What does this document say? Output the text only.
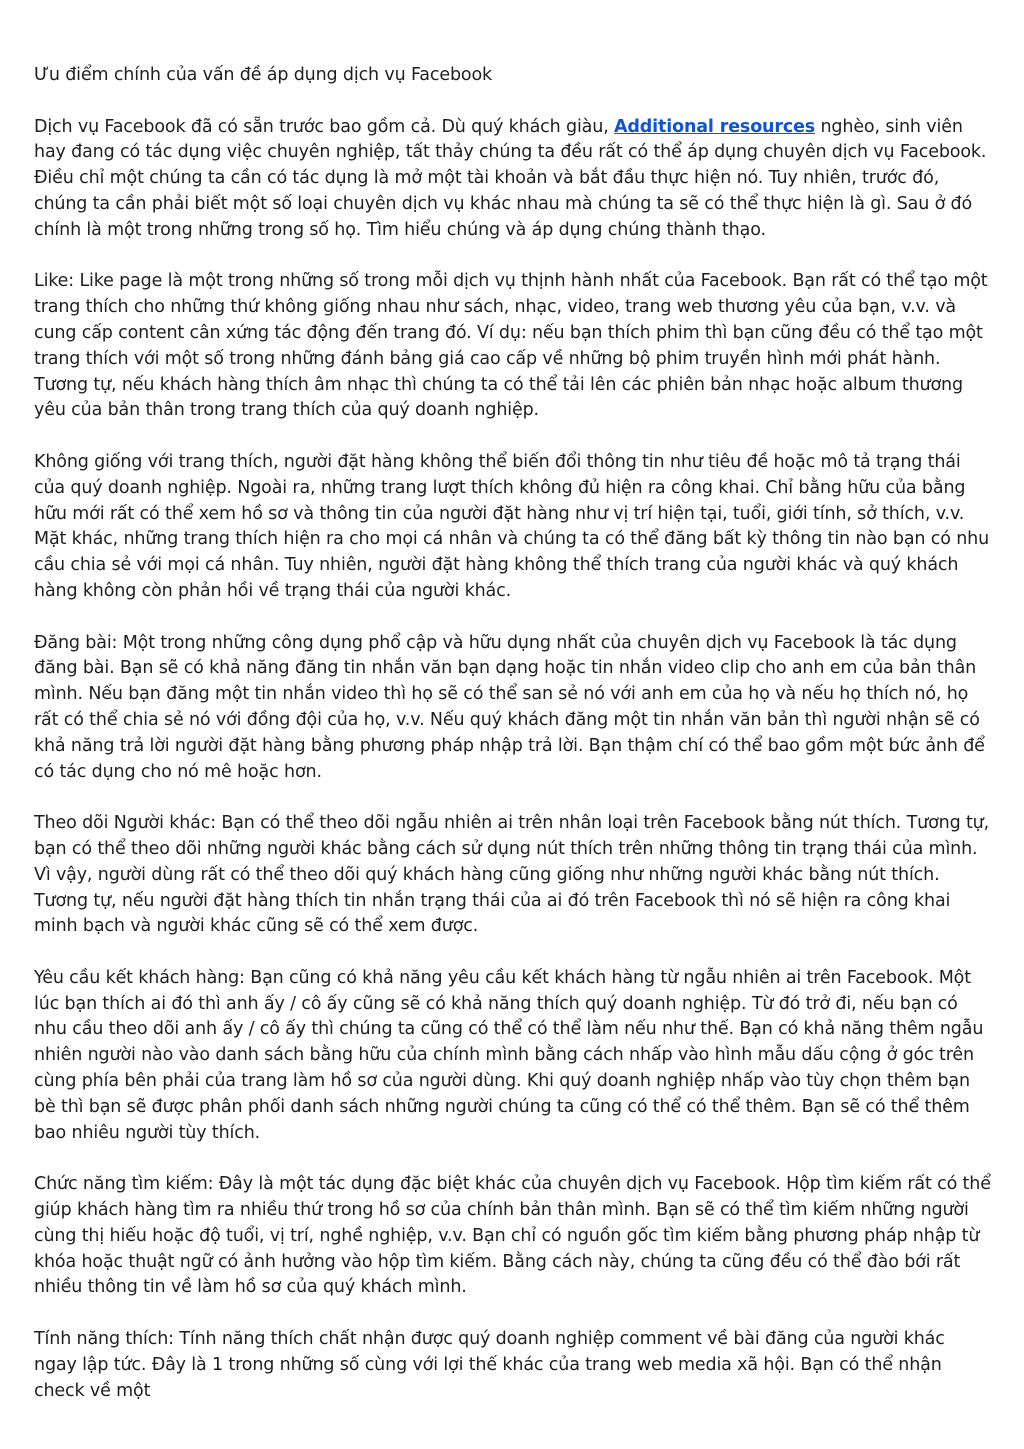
Ưu điểm chính của vấn đề áp dụng dịch vụ Facebook

Dịch vụ Facebook đã có sẵn trước bao gồm cả. Dù quý khách giàu, Additional resources nghèo, sinh viên hay đang có tác dụng việc chuyên nghiệp, tất thảy chúng ta đều rất có thể áp dụng chuyên dịch vụ Facebook. Điều chỉ một chúng ta cần có tác dụng là mở một tài khoản và bắt đầu thực hiện nó. Tuy nhiên, trước đó, chúng ta cần phải biết một số loại chuyên dịch vụ khác nhau mà chúng ta sẽ có thể thực hiện là gì. Sau ở đó chính là một trong những trong số họ. Tìm hiểu chúng và áp dụng chúng thành thạo.

Like: Like page là một trong những số trong mỗi dịch vụ thịnh hành nhất của Facebook. Bạn rất có thể tạo một trang thích cho những thứ không giống nhau như sách, nhạc, video, trang web thương yêu của bạn, v.v. và cung cấp content cân xứng tác động đến trang đó. Ví dụ: nếu bạn thích phim thì bạn cũng đều có thể tạo một trang thích với một số trong những đánh bảng giá cao cấp về những bộ phim truyền hình mới phát hành. Tương tự, nếu khách hàng thích âm nhạc thì chúng ta có thể tải lên các phiên bản nhạc hoặc album thương yêu của bản thân trong trang thích của quý doanh nghiệp.

Không giống với trang thích, người đặt hàng không thể biến đổi thông tin như tiêu đề hoặc mô tả trạng thái của quý doanh nghiệp. Ngoài ra, những trang lượt thích không đủ hiện ra công khai. Chỉ bằng hữu của bằng hữu mới rất có thể xem hồ sơ và thông tin của người đặt hàng như vị trí hiện tại, tuổi, giới tính, sở thích, v.v. Mặt khác, những trang thích hiện ra cho mọi cá nhân và chúng ta có thể đăng bất kỳ thông tin nào bạn có nhu cầu chia sẻ với mọi cá nhân. Tuy nhiên, người đặt hàng không thể thích trang của người khác và quý khách hàng không còn phản hồi về trạng thái của người khác.

Đăng bài: Một trong những công dụng phổ cập và hữu dụng nhất của chuyên dịch vụ Facebook là tác dụng đăng bài. Bạn sẽ có khả năng đăng tin nhắn văn bạn dạng hoặc tin nhắn video clip cho anh em của bản thân mình. Nếu bạn đăng một tin nhắn video thì họ sẽ có thể san sẻ nó với anh em của họ và nếu họ thích nó, họ rất có thể chia sẻ nó với đồng đội của họ, v.v. Nếu quý khách đăng một tin nhắn văn bản thì người nhận sẽ có khả năng trả lời người đặt hàng bằng phương pháp nhập trả lời. Bạn thậm chí có thể bao gồm một bức ảnh để có tác dụng cho nó mê hoặc hơn.

Theo dõi Người khác: Bạn có thể theo dõi ngẫu nhiên ai trên nhân loại trên Facebook bằng nút thích. Tương tự, bạn có thể theo dõi những người khác bằng cách sử dụng nút thích trên những thông tin trạng thái của mình. Vì vậy, người dùng rất có thể theo dõi quý khách hàng cũng giống như những người khác bằng nút thích. Tương tự, nếu người đặt hàng thích tin nhắn trạng thái của ai đó trên Facebook thì nó sẽ hiện ra công khai minh bạch và người khác cũng sẽ có thể xem được.

Yêu cầu kết khách hàng: Bạn cũng có khả năng yêu cầu kết khách hàng từ ngẫu nhiên ai trên Facebook. Một lúc bạn thích ai đó thì anh ấy / cô ấy cũng sẽ có khả năng thích quý doanh nghiệp. Từ đó trở đi, nếu bạn có nhu cầu theo dõi anh ấy / cô ấy thì chúng ta cũng có thể có thể làm nếu như thế. Bạn có khả năng thêm ngẫu nhiên người nào vào danh sách bằng hữu của chính mình bằng cách nhấp vào hình mẫu dấu cộng ở góc trên cùng phía bên phải của trang làm hồ sơ của người dùng. Khi quý doanh nghiệp nhấp vào tùy chọn thêm bạn bè thì bạn sẽ được phân phối danh sách những người chúng ta cũng có thể có thể thêm. Bạn sẽ có thể thêm bao nhiêu người tùy thích.

Chức năng tìm kiếm: Đây là một tác dụng đặc biệt khác của chuyên dịch vụ Facebook. Hộp tìm kiếm rất có thể giúp khách hàng tìm ra nhiều thứ trong hồ sơ của chính bản thân mình. Bạn sẽ có thể tìm kiếm những người cùng thị hiếu hoặc độ tuổi, vị trí, nghề nghiệp, v.v. Bạn chỉ có nguồn gốc tìm kiếm bằng phương pháp nhập từ khóa hoặc thuật ngữ có ảnh hưởng vào hộp tìm kiếm. Bằng cách này, chúng ta cũng đều có thể đào bới rất nhiều thông tin về làm hồ sơ của quý khách mình.

Tính năng thích: Tính năng thích chất nhận được quý doanh nghiệp comment về bài đăng của người khác ngay lập tức. Đây là 1 trong những số cùng với lợi thế khác của trang web media xã hội. Bạn có thể nhận check về một
